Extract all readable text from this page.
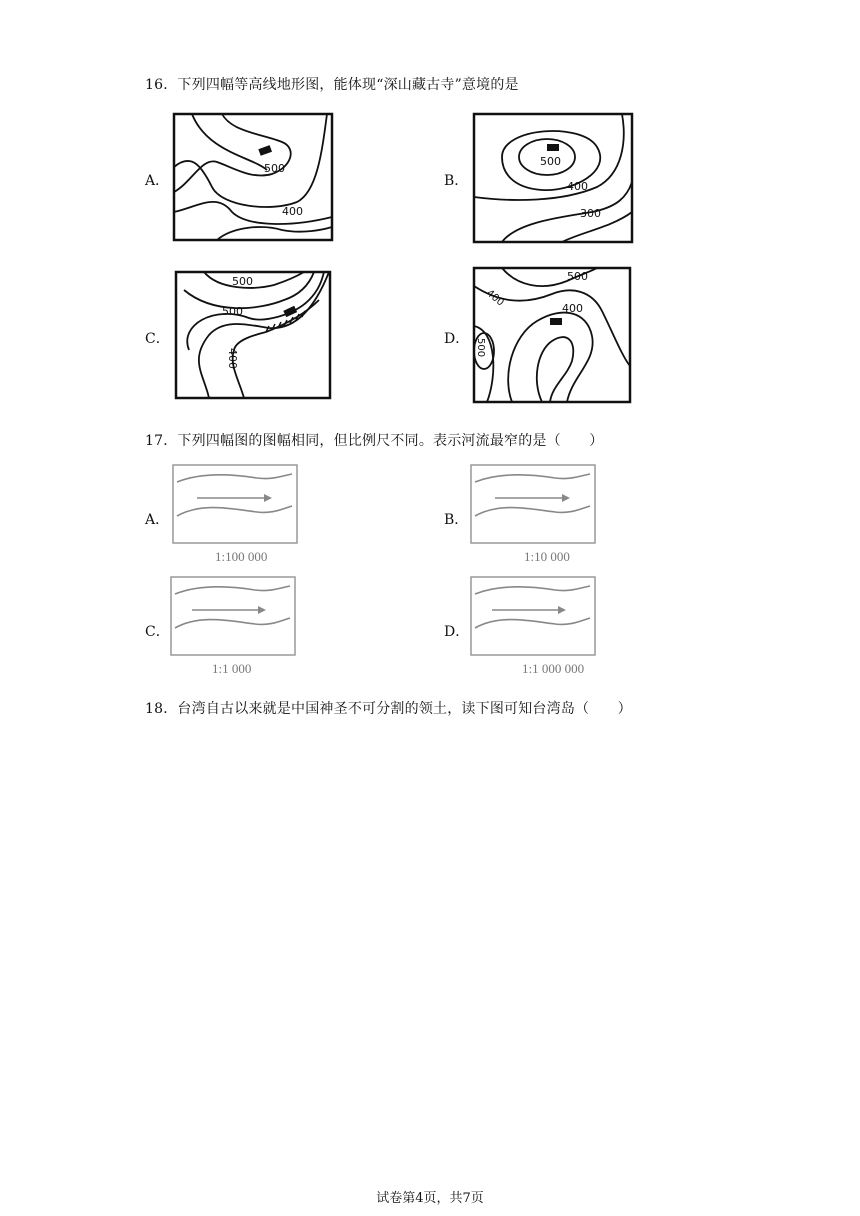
16．下列四幅等高线地形图，能体现“深山藏古寺”意境的是
A．
500
400
B．
500
400
300
C．
500
500
400
D．
500
400
400
500
17．下列四幅图的图幅相同，但比例尺不同。表示河流最窄的是（　　）
A．
1:100 000
B．
1:10 000
C．
1:1 000
D．
1:1 000 000
18．台湾自古以来就是中国神圣不可分割的领土，读下图可知台湾岛（　　）
试卷第4页，共7页
